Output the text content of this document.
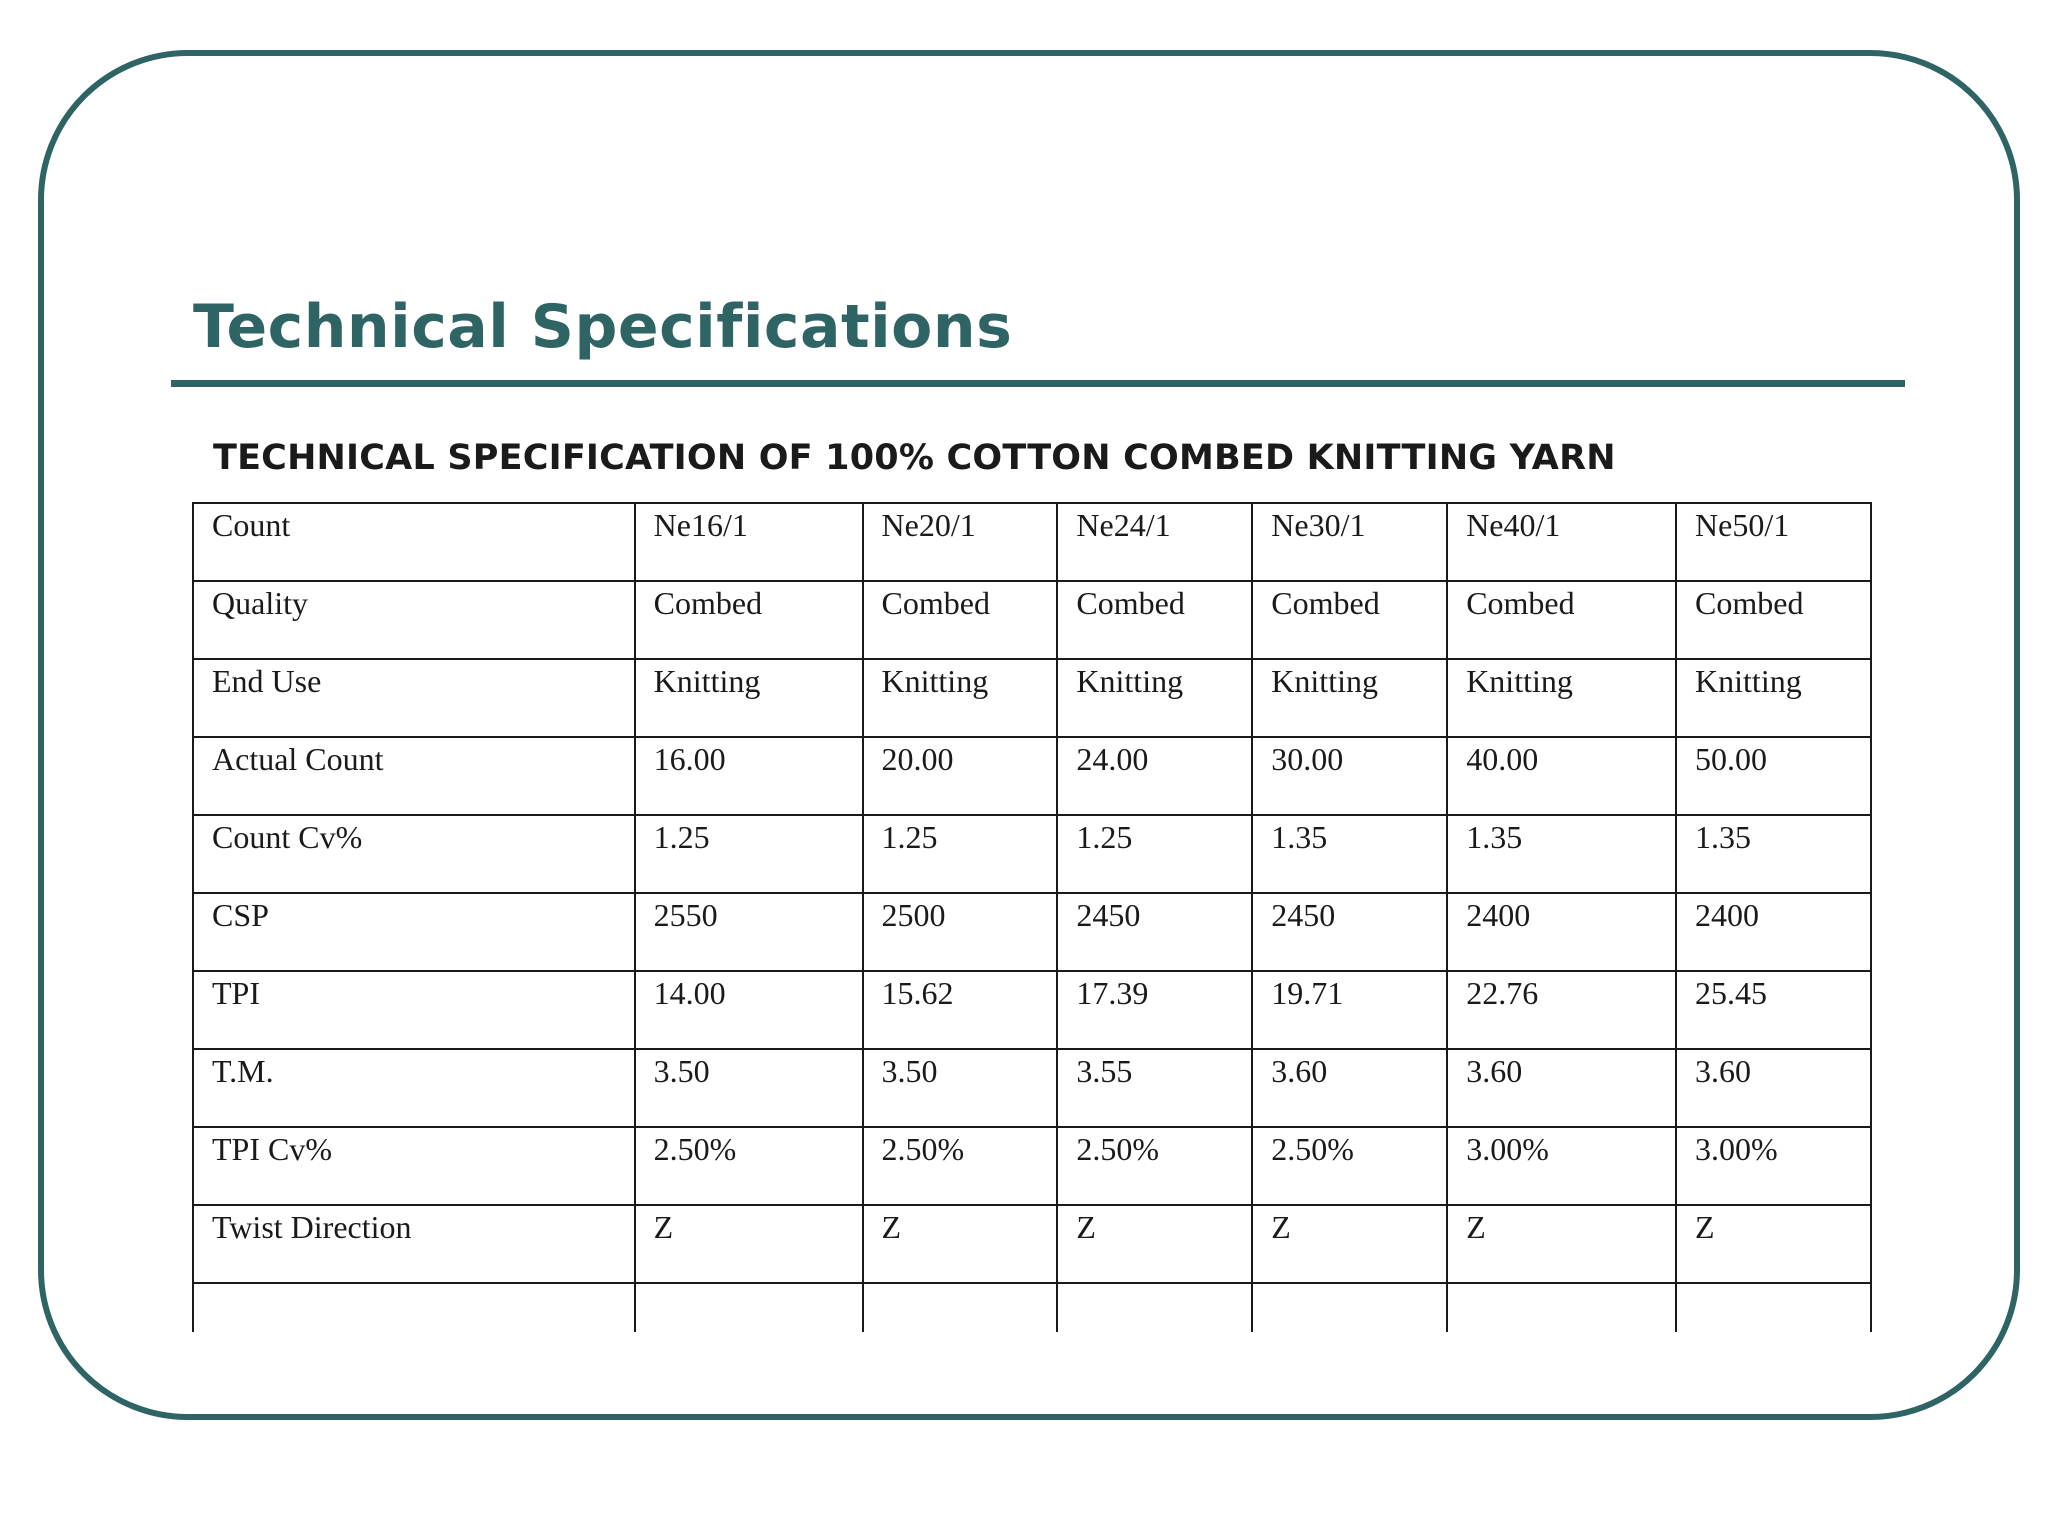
Technical Specifications
TECHNICAL SPECIFICATION OF 100% COTTON COMBED KNITTING YARN
Count	Ne16/1	Ne20/1	Ne24/1	Ne30/1	Ne40/1	Ne50/1
Quality	Combed	Combed	Combed	Combed	Combed	Combed
End Use	Knitting	Knitting	Knitting	Knitting	Knitting	Knitting
Actual Count	16.00	20.00	24.00	30.00	40.00	50.00
Count Cv%	1.25	1.25	1.25	1.35	1.35	1.35
CSP	2550	2500	2450	2450	2400	2400
TPI	14.00	15.62	17.39	19.71	22.76	25.45
T.M.	3.50	3.50	3.55	3.60	3.60	3.60
TPI Cv%	2.50%	2.50%	2.50%	2.50%	3.00%	3.00%
Twist Direction	Z	Z	Z	Z	Z	Z
